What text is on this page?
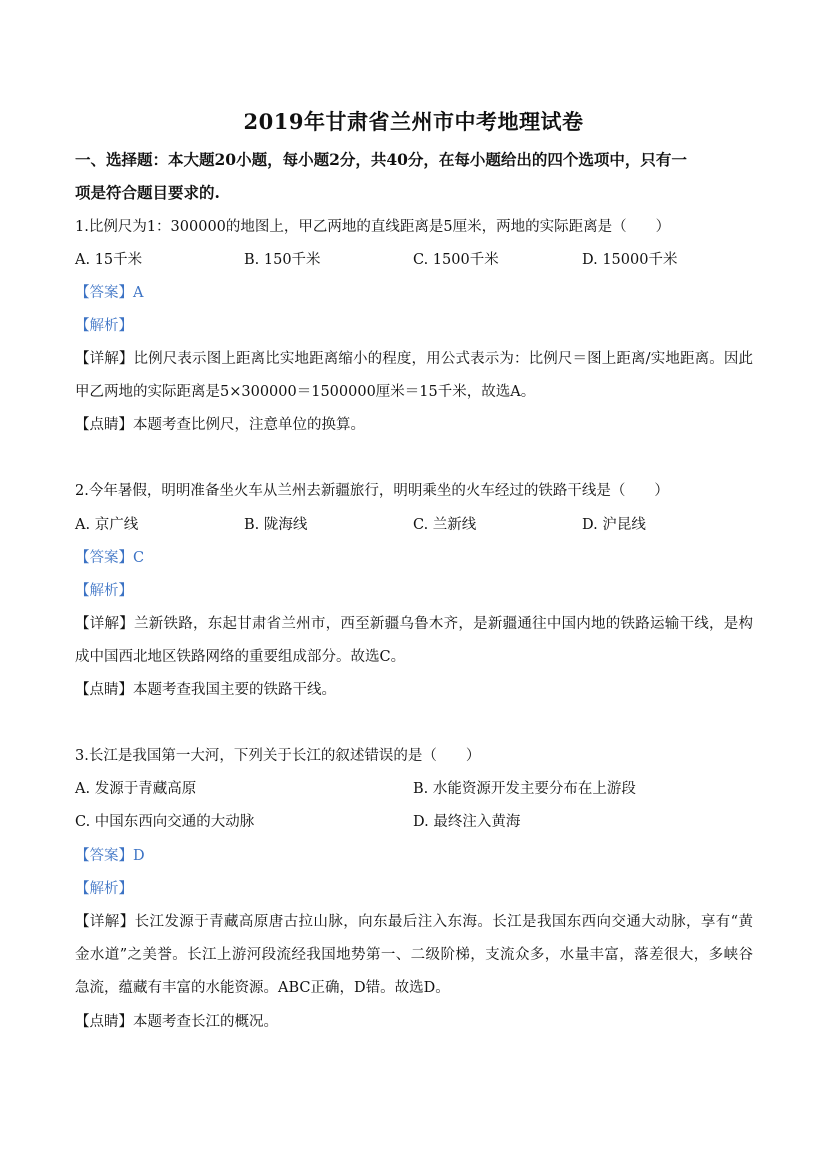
2019年甘肃省兰州市中考地理试卷
一、选择题：本大题20小题，每小题2分，共40分，在每小题给出的四个选项中，只有一
项是符合题目要求的.
1.比例尺为1：300000的地图上，甲乙两地的直线距离是5厘米，两地的实际距离是（　　）
A. 15千米	B. 150千米	C. 1500千米	D. 15000千米
【答案】A
【解析】
【详解】比例尺表示图上距离比实地距离缩小的程度，用公式表示为：比例尺＝图上距离/实地距离。因此
甲乙两地的实际距离是5×300000＝1500000厘米＝15千米，故选A。
【点睛】本题考查比例尺，注意单位的换算。
2.今年暑假，明明准备坐火车从兰州去新疆旅行，明明乘坐的火车经过的铁路干线是（　　）
A. 京广线	B. 陇海线	C. 兰新线	D. 沪昆线
【答案】C
【解析】
【详解】兰新铁路，东起甘肃省兰州市，西至新疆乌鲁木齐，是新疆通往中国内地的铁路运输干线，是构
成中国西北地区铁路网络的重要组成部分。故选C。
【点睛】本题考查我国主要的铁路干线。
3.长江是我国第一大河，下列关于长江的叙述错误的是（　　）
A. 发源于青藏高原	B. 水能资源开发主要分布在上游段
C. 中国东西向交通的大动脉	D. 最终注入黄海
【答案】D
【解析】
【详解】长江发源于青藏高原唐古拉山脉，向东最后注入东海。长江是我国东西向交通大动脉，享有“黄
金水道”之美誉。长江上游河段流经我国地势第一、二级阶梯，支流众多，水量丰富，落差很大，多峡谷
急流，蕴藏有丰富的水能资源。ABC正确，D错。故选D。
【点睛】本题考查长江的概况。
